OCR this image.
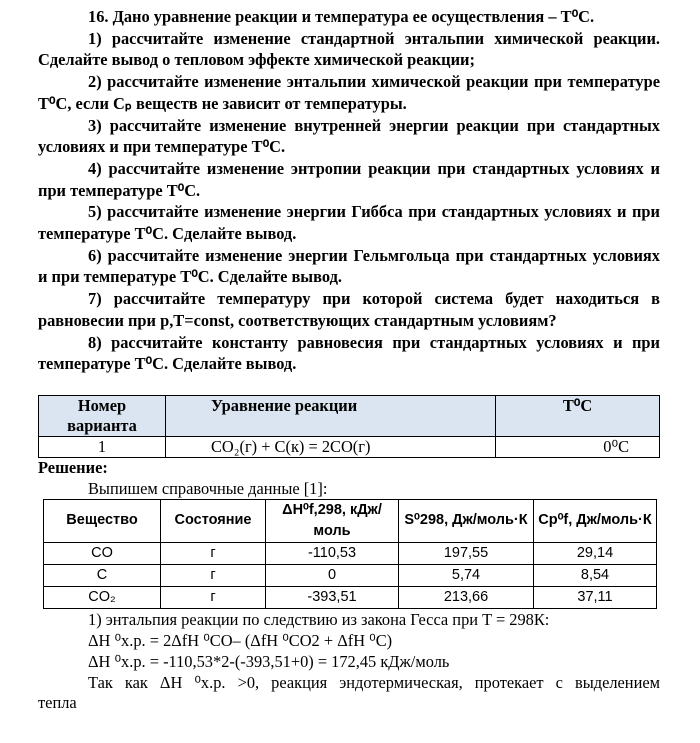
16. Дано уравнение реакции и температура ее осуществления – T⁰С.

1) рассчитайте изменение стандартной энтальпии химической реакции. Сделайте вывод о тепловом эффекте химической реакции;

2) рассчитайте изменение энтальпии химической реакции при температуре T⁰С, если Cₚ веществ не зависит от температуры.

3) рассчитайте изменение внутренней энергии реакции при стандартных условиях и при температуре T⁰С.

4) рассчитайте изменение энтропии реакции при стандартных условиях и при температуре T⁰С.

5) рассчитайте изменение энергии Гиббса при стандартных условиях и при температуре T⁰С. Сделайте вывод.

6) рассчитайте изменение энергии Гельмгольца при стандартных условиях и при температуре T⁰С. Сделайте вывод.

7) рассчитайте температуру при которой система будет находиться в равновесии при p,T=const, соответствующих стандартным условиям?

8) рассчитайте константу равновесия при стандартных условиях и при температуре T⁰С. Сделайте вывод.

Номер варианта	Уравнение реакции	T⁰С
1	CO₂(г) + С(к) = 2СО(г)	0⁰С

Решение:

Выпишем справочные данные [1]:

Вещество	Состояние	ΔH⁰f,298, кДж/моль	S⁰298, Дж/моль·К	Cp⁰f, Дж/моль·К
CO	г	-110,53	197,55	29,14
C	г	0	5,74	8,54
CO₂	г	-393,51	213,66	37,11

1) энтальпия реакции по следствию из закона Гесса при T = 298К:

ΔH ⁰х.р. = 2ΔfH ⁰CO– (ΔfH ⁰CO2 + ΔfH ⁰C)

ΔH ⁰х.р. = -110,53*2-(-393,51+0) = 172,45 кДж/моль

Так как ΔH ⁰х.р. >0, реакция эндотермическая, протекает с выделением

тепла
